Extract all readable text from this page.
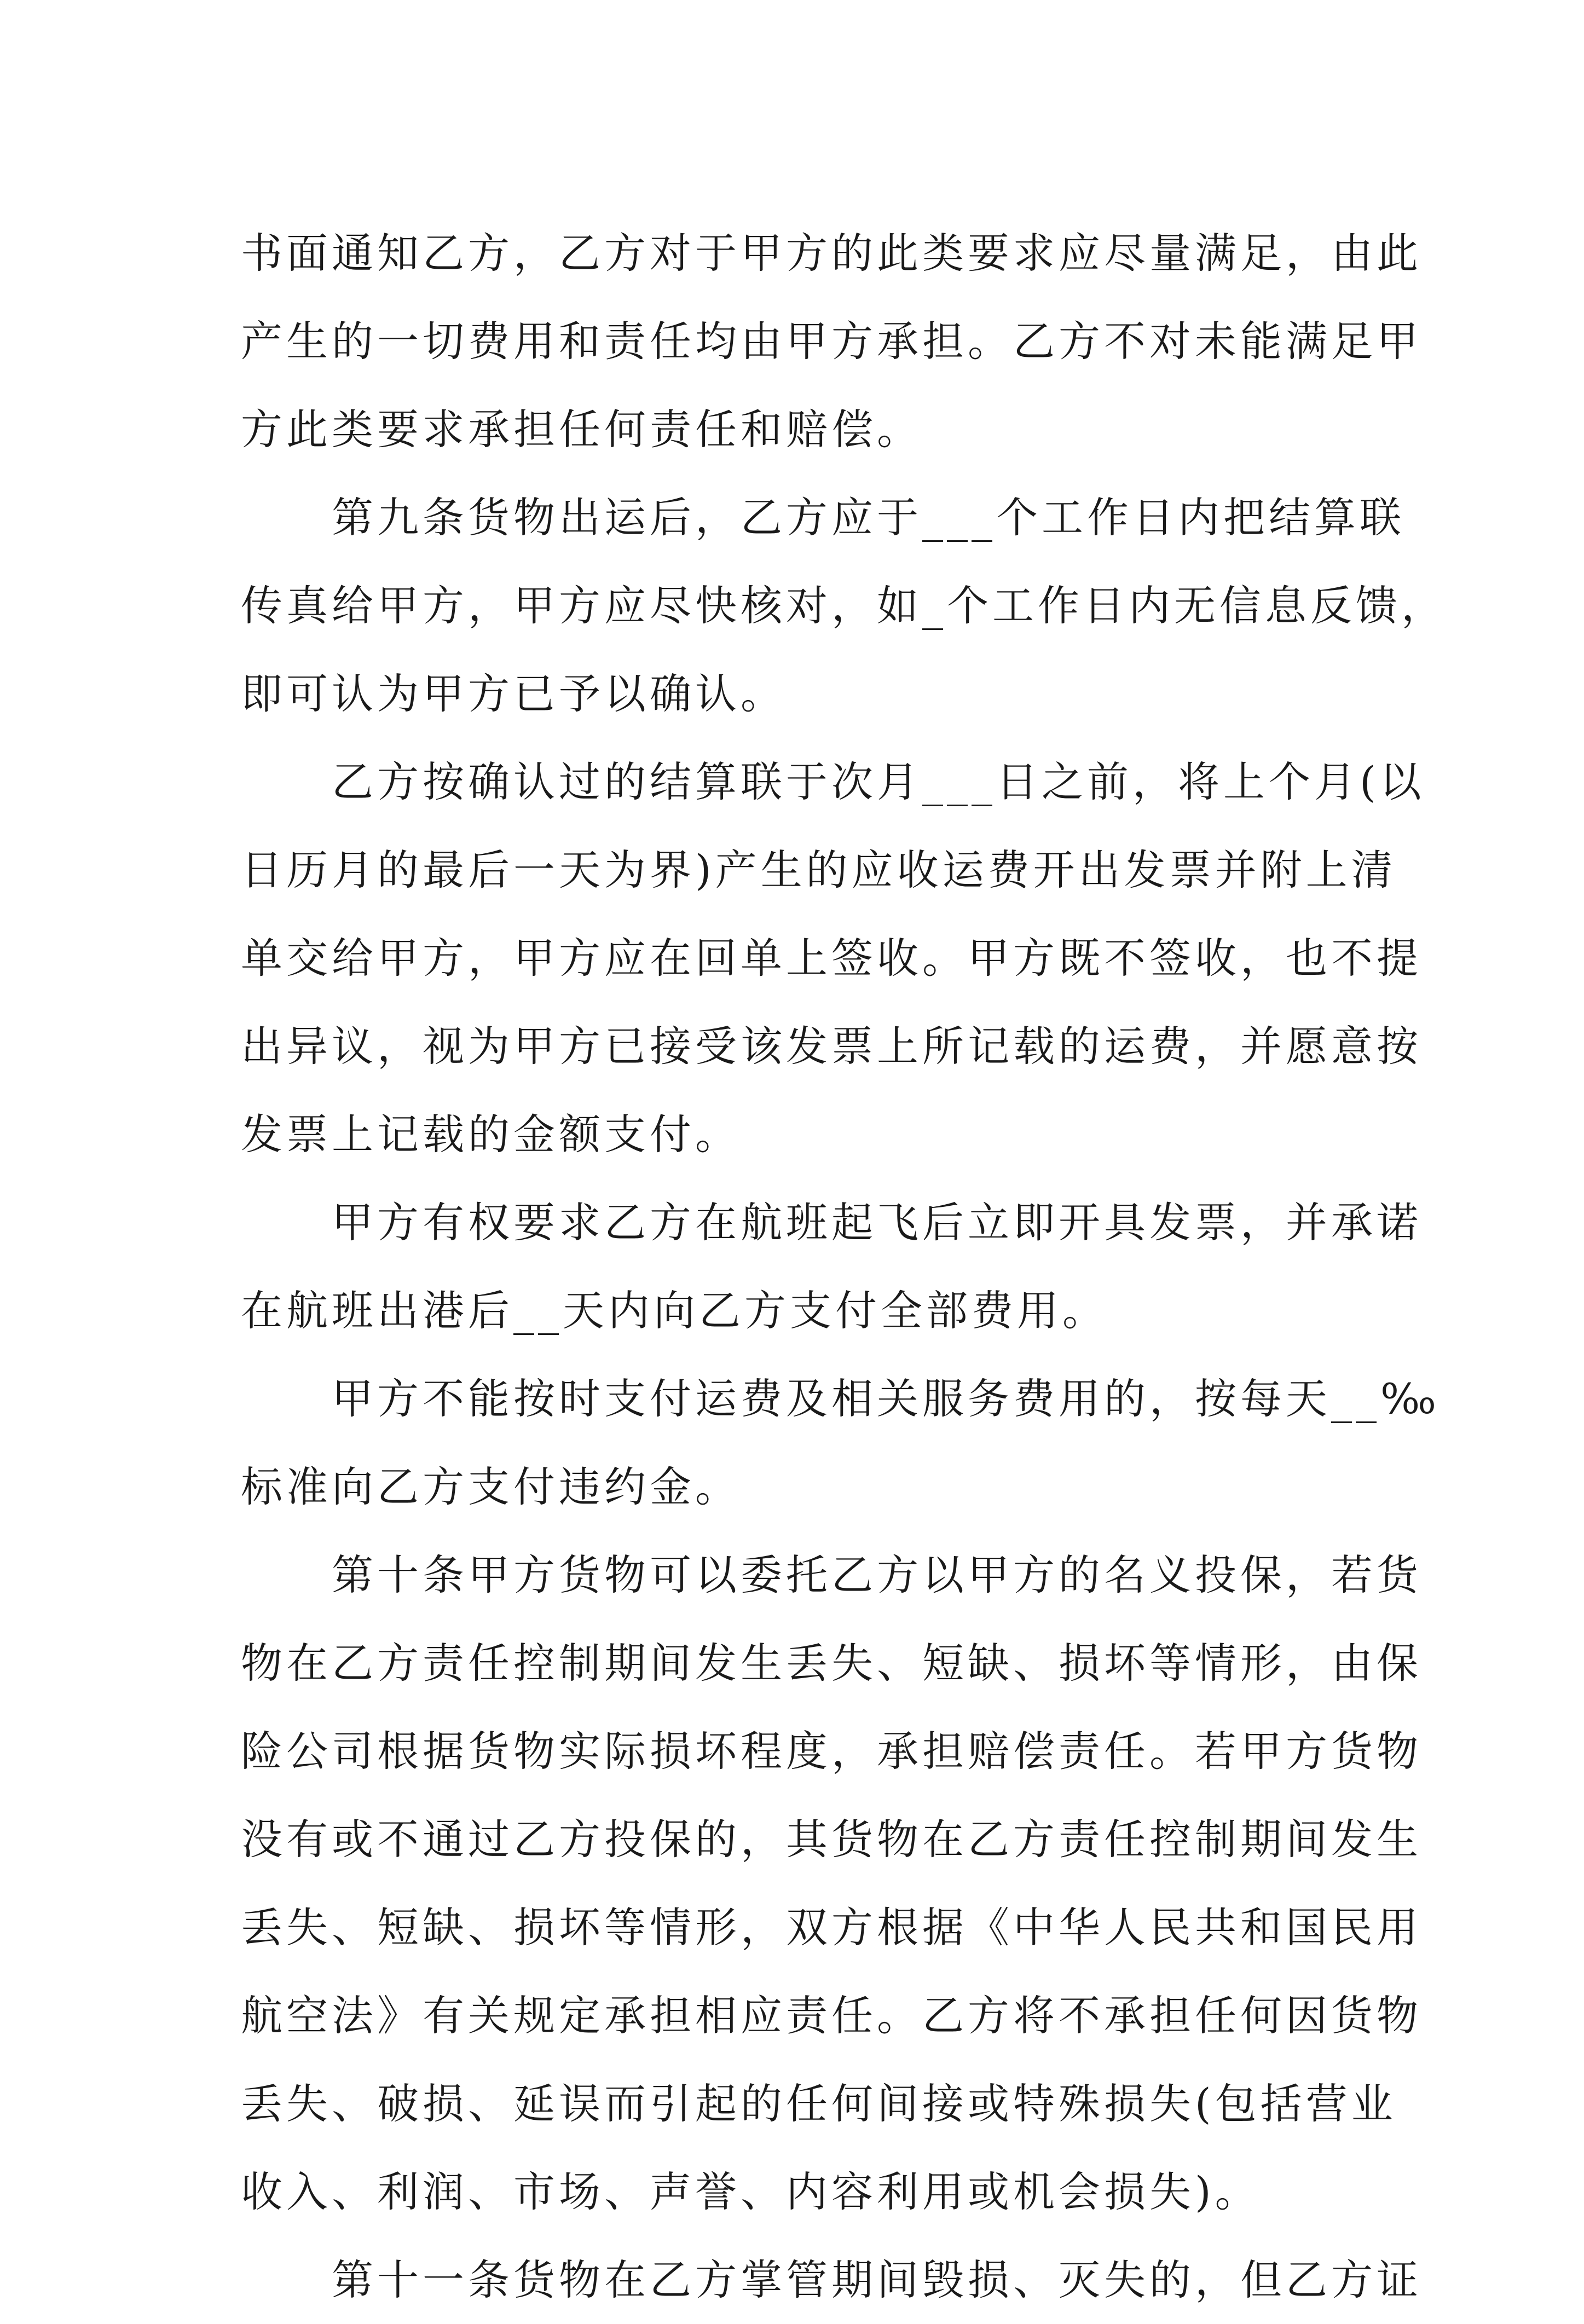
书面通知乙方，乙方对于甲方的此类要求应尽量满足，由此
产生的一切费用和责任均由甲方承担。乙方不对未能满足甲
方此类要求承担任何责任和赔偿。
　　第九条货物出运后，乙方应于___个工作日内把结算联
传真给甲方，甲方应尽快核对，如_个工作日内无信息反馈，
即可认为甲方已予以确认。
　　乙方按确认过的结算联于次月___日之前，将上个月(以
日历月的最后一天为界)产生的应收运费开出发票并附上清
单交给甲方，甲方应在回单上签收。甲方既不签收，也不提
出异议，视为甲方已接受该发票上所记载的运费，并愿意按
发票上记载的金额支付。
　　甲方有权要求乙方在航班起飞后立即开具发票，并承诺
在航班出港后__天内向乙方支付全部费用。
　　甲方不能按时支付运费及相关服务费用的，按每天__‰
标准向乙方支付违约金。
　　第十条甲方货物可以委托乙方以甲方的名义投保，若货
物在乙方责任控制期间发生丢失、短缺、损坏等情形，由保
险公司根据货物实际损坏程度，承担赔偿责任。若甲方货物
没有或不通过乙方投保的，其货物在乙方责任控制期间发生
丢失、短缺、损坏等情形，双方根据《中华人民共和国民用
航空法》有关规定承担相应责任。乙方将不承担任何因货物
丢失、破损、延误而引起的任何间接或特殊损失(包括营业
收入、利润、市场、声誉、内容利用或机会损失)。
　　第十一条货物在乙方掌管期间毁损、灭失的，但乙方证
